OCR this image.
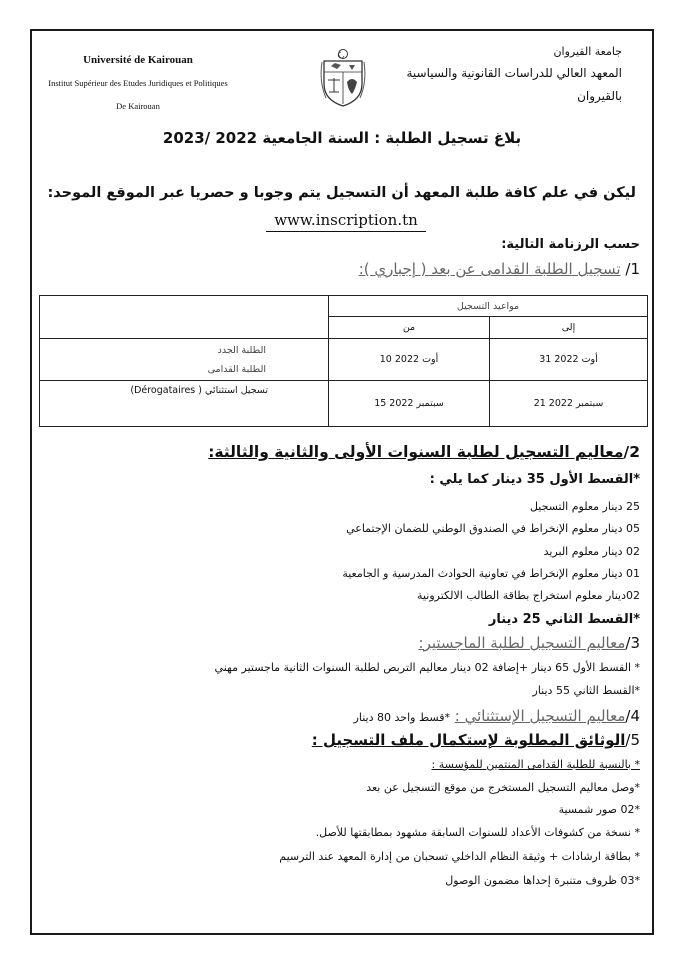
Université de Kairouan
Institut Supérieur des Etudes Juridiques et Politiques
De Kairouan
جامعة القيروان
المعهد العالي للدراسات القانونية والسياسية
بالقيروان
بلاغ تسجيل الطلبة : السنة الجامعية 2022 /2023
ليكن في علم كافة طلبة المعهد أن التسجيل يتم وجوبا و حصريا عبر الموقع الموحد:
www.inscription.tn
حسب الرزنامة التالية:
1/ تسجيل الطلبة القدامى عن بعد ( إجباري ):
	مواعيد التسجيل	
	من	إلى

الطلبة الجدد
الطلبة القدامى	10 أوت 2022	31 أوت 2022
تسجيل استثنائي ( Dérogataires)	15 سبتمبر 2022	21 سبتمبر 2022
2/معاليم التسجيل لطلبة السنوات الأولى والثانية والثالثة:
*القسط الأول 35 دينار كما يلي :
25 دينار معلوم التسجيل
05 دينار معلوم الإنخراط في الصندوق الوطني للضمان الإجتماعي
02 دينار معلوم البريد
01 دينار معلوم الإنخراط في تعاونية الحوادث المدرسية و الجامعية
02دينار معلوم استخراج بطاقة الطالب الالكترونية
*القسط الثاني 25 دينار
3/معاليم التسجيل لطلبة الماجستير:
* القسط الأول 65 دينار +إضافة 02 دينار معاليم التربص لطلبة السنوات الثانية ماجستير مهني
*القسط الثاني 55 دينار
4/معاليم التسجيل الإستثنائي : *قسط واحد 80 دينار
5/الوثائق المطلوبة لإستكمال ملف التسجيل :
* بالنسبة للطلبة القدامى المنتمين للمؤسسة :
*وصل معاليم التسجيل المستخرج من موقع التسجيل عن بعد
*02 صور شمسية
* نسخة من كشوفات الأعداد للسنوات السابقة مشهود بمطابقتها للأصل.
* بطاقة ارشادات + وثيقة النظام الداخلي تسحبان من إدارة المعهد عند الترسيم
*03 ظروف متنبرة إحداها مضمون الوصول
